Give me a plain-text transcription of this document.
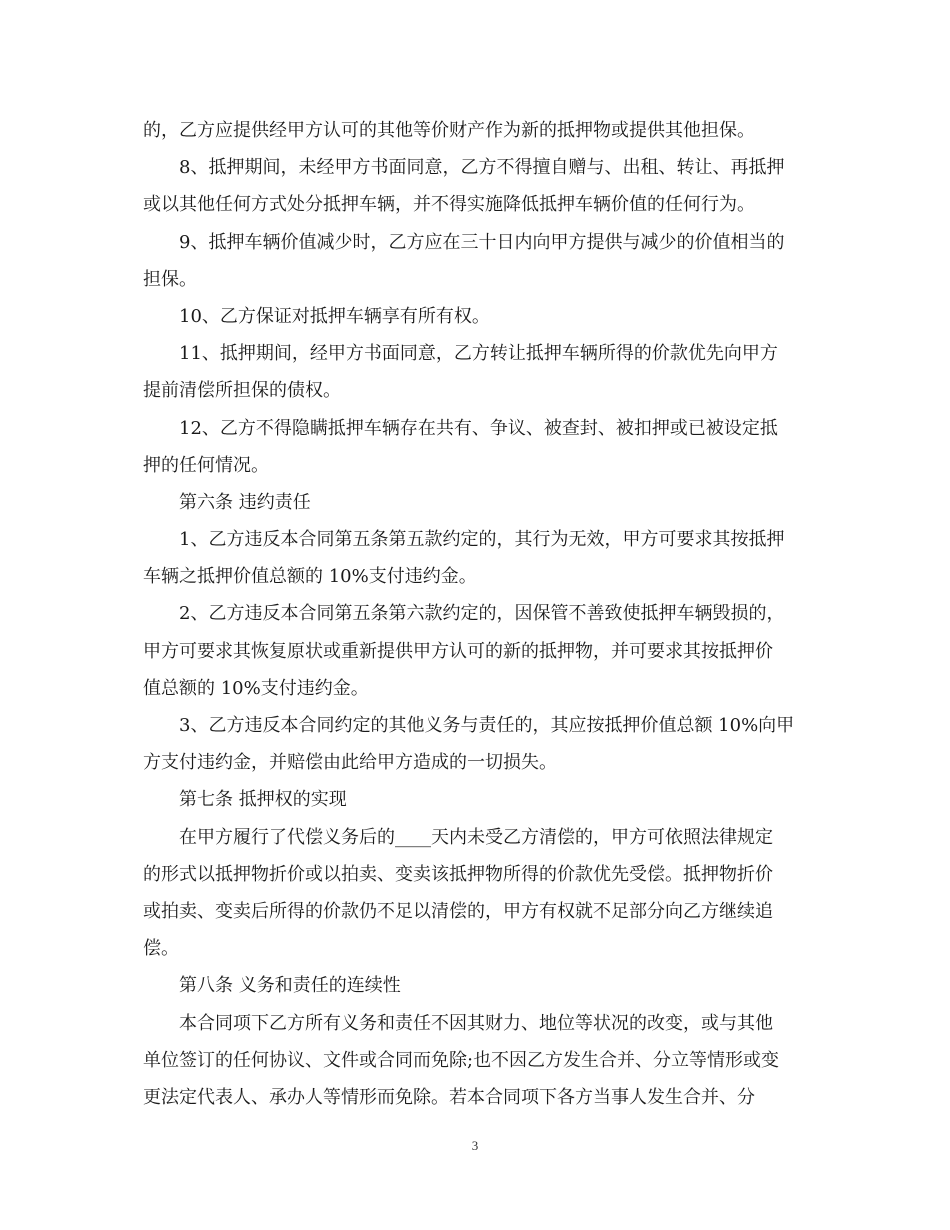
的，乙方应提供经甲方认可的其他等价财产作为新的抵押物或提供其他担保。
8、抵押期间，未经甲方书面同意，乙方不得擅自赠与、出租、转让、再抵押
或以其他任何方式处分抵押车辆，并不得实施降低抵押车辆价值的任何行为。
9、抵押车辆价值减少时，乙方应在三十日内向甲方提供与减少的价值相当的
担保。
10、乙方保证对抵押车辆享有所有权。
11、抵押期间，经甲方书面同意，乙方转让抵押车辆所得的价款优先向甲方
提前清偿所担保的债权。
12、乙方不得隐瞒抵押车辆存在共有、争议、被查封、被扣押或已被设定抵
押的任何情况。
第六条 违约责任
1、乙方违反本合同第五条第五款约定的，其行为无效，甲方可要求其按抵押
车辆之抵押价值总额的 10%支付违约金。
2、乙方违反本合同第五条第六款约定的，因保管不善致使抵押车辆毁损的，
甲方可要求其恢复原状或重新提供甲方认可的新的抵押物，并可要求其按抵押价
值总额的 10%支付违约金。
3、乙方违反本合同约定的其他义务与责任的，其应按抵押价值总额 10%向甲
方支付违约金，并赔偿由此给甲方造成的一切损失。
第七条 抵押权的实现
在甲方履行了代偿义务后的____天内未受乙方清偿的，甲方可依照法律规定
的形式以抵押物折价或以拍卖、变卖该抵押物所得的价款优先受偿。抵押物折价
或拍卖、变卖后所得的价款仍不足以清偿的，甲方有权就不足部分向乙方继续追
偿。
第八条 义务和责任的连续性
本合同项下乙方所有义务和责任不因其财力、地位等状况的改变，或与其他
单位签订的任何协议、文件或合同而免除;也不因乙方发生合并、分立等情形或变
更法定代表人、承办人等情形而免除。若本合同项下各方当事人发生合并、分
3
